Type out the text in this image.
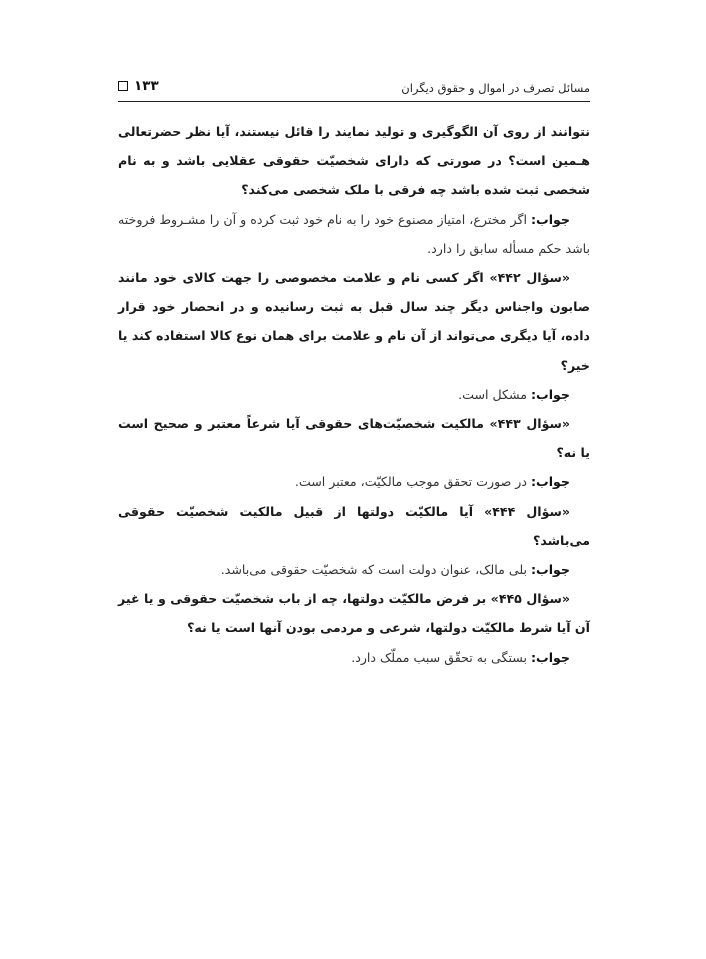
مسائل تصرف در اموال و حقوق دیگران
۱۳۳

نتوانند از روی آن الگوگیری و تولید نمایند را قائل نیستند، آیا نظر حضرتعالی هـمین است؟ در صورتی که دارای شخصیّت حقوقی عقلایی باشد و به نام شخصی ثبت شده باشد چه فرقی با ملک شخصی می‌کند؟

جواب: اگر مخترع، امتیاز مصنوع خود را به نام خود ثبت کرده و آن را مشـروط فروخته باشد حکم مسأله سابق را دارد.

«سؤال ۴۴۲» اگر کسی نام و علامت مخصوصی را جهت کالای خود مانند صابون واجناس دیگر چند سال قبل به ثبت رسانیده و در انحصار خود قرار داده، آیا دیگری می‌تواند از آن نام و علامت برای همان نوع کالا استفاده کند یا خیر؟

جواب: مشکل است.

«سؤال ۴۴۳» مالکیت شخصیّت‌های حقوقی آیا شرعاً معتبر و صحیح است یا نه؟

جواب: در صورت تحقق موجب مالکیّت، معتبر است.

«سؤال ۴۴۴» آیا مالکیّت دولتها از قبیل مالکیت شخصیّت حقوقی می‌باشد؟

جواب: بلی مالک، عنوان دولت است که شخصیّت حقوقی می‌باشد.

«سؤال ۴۴۵» بر فرض مالکیّت دولتها، چه از باب شخصیّت حقوقی و یا غیر آن آیا شرط مالکیّت دولتها، شرعی و مردمی بودن آنها است یا نه؟

جواب: بستگی به تحقّق سبب مملّک دارد.
